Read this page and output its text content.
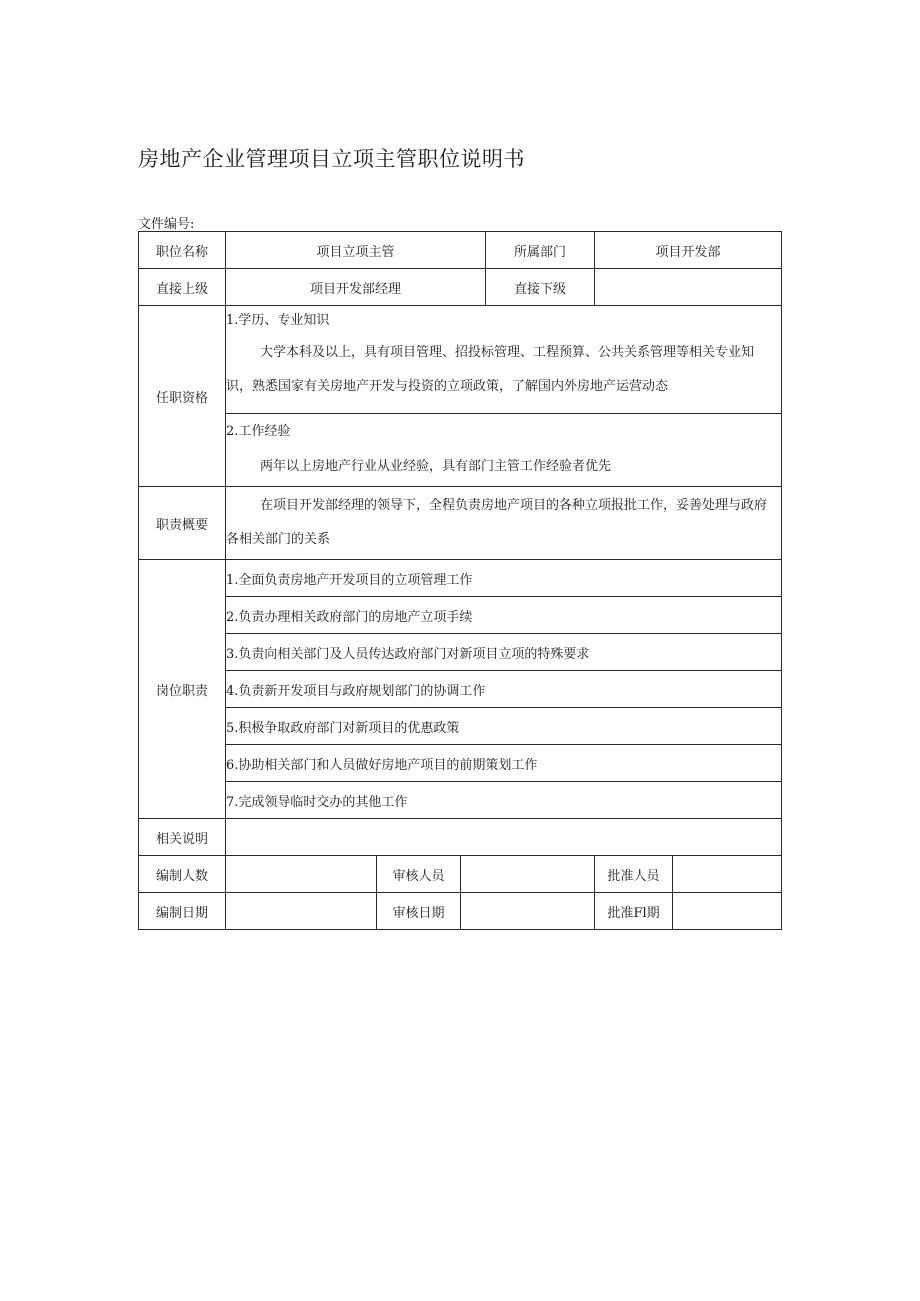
房地产企业管理项目立项主管职位说明书
文件编号:
职位名称	项目立项主管			所属部门	项目开发部	
直接上级	项目开发部经理			直接下级		
任职资格	1.学历、专业知识
大学本科及以上，具有项目管理、招投标管理、工程预算、公共关系管理等相关专业知识，熟悉国家有关房地产开发与投资的立项政策，了解国内外房地产运营动态					

	2.工作经验
两年以上房地产行业从业经验，具有部门主管工作经验者优先					

职责概要	在项目开发部经理的领导下，全程负责房地产项目的各种立项报批工作，妥善处理与政府各相关部门的关系					

岗位职责	1.全面负责房地产开发项目的立项管理工作					
	2.负责办理相关政府部门的房地产立项手续					
	3.负责向相关部门及人员传达政府部门对新项目立项的特殊要求					
	4.负责新开发项目与政府规划部门的协调工作					
	5.积极争取政府部门对新项目的优惠政策					
	6.协助相关部门和人员做好房地产项目的前期策划工作					
	7.完成领导临时交办的其他工作					
相关说明						
编制人数		审核人员			批准人员	
编制日期		审核日期			批准Fl期	
